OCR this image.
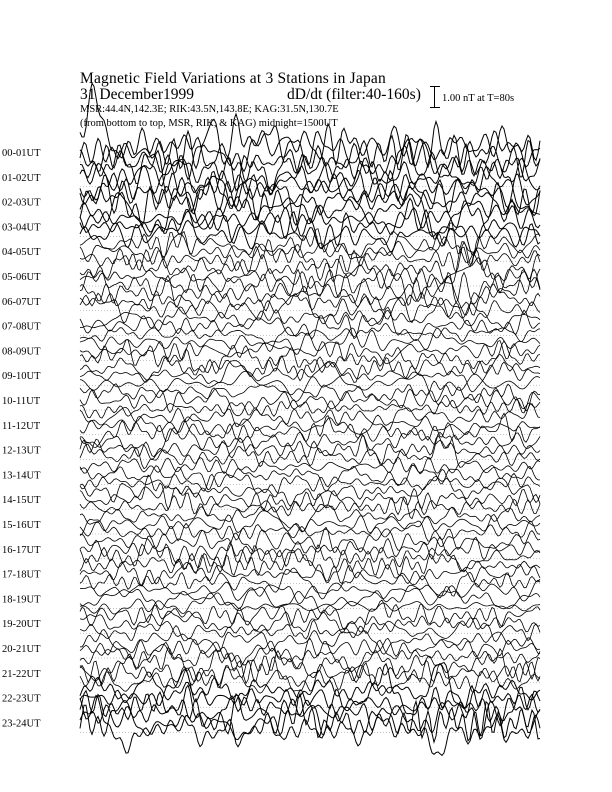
Magnetic Field Variations at 3 Stations in Japan
31 December1999	dD/dt (filter:40-160s)
MSR:44.4N,142.3E; RIK:43.5N,143.8E; KAG:31.5N,130.7E
(from bottom to top, MSR, RIK, & KAG) midnight=1500UT
1.00 nT at T=80s
00-01UT
01-02UT
02-03UT
03-04UT
04-05UT
05-06UT
06-07UT
07-08UT
08-09UT
09-10UT
10-11UT
11-12UT
12-13UT
13-14UT
14-15UT
15-16UT
16-17UT
17-18UT
18-19UT
19-20UT
20-21UT
21-22UT
22-23UT
23-24UT
